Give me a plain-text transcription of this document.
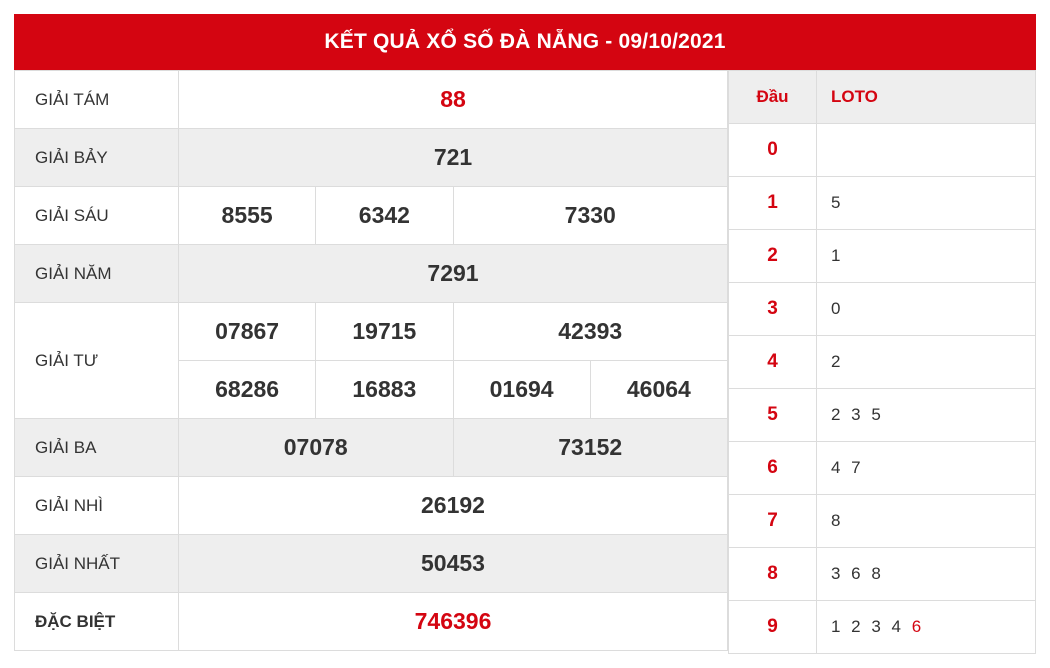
KẾT QUẢ XỔ SỐ ĐÀ NẴNG - 09/10/2021
GIẢI TÁM	88			
GIẢI BẢY	721			
GIẢI SÁU	8555	6342	7330	
GIẢI NĂM	7291			
GIẢI TƯ	07867	19715	42393	
	68286	16883	01694	46064
GIẢI BA	07078		73152	
GIẢI NHÌ	26192			
GIẢI NHẤT	50453			
ĐẶC BIỆT	746396			
Đầu	LOTO
0	
1	5
2	1
3	0
4	2
5	2 3 5
6	4 7
7	8
8	3 6 8
9	1 2 3 4 6
